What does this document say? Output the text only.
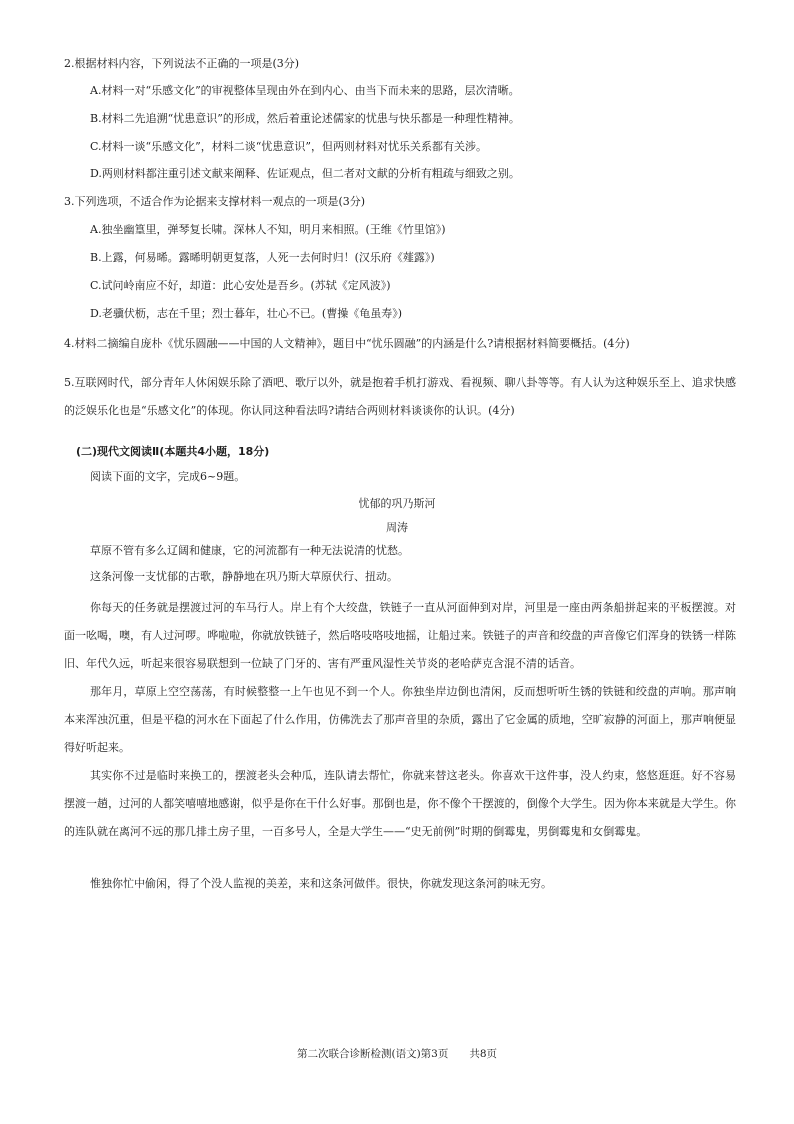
2.根据材料内容，下列说法不正确的一项是(3分)
A.材料一对“乐感文化”的审视整体呈现由外在到内心、由当下而未来的思路，层次清晰。
B.材料二先追溯“忧患意识”的形成，然后着重论述儒家的忧患与快乐都是一种理性精神。
C.材料一谈“乐感文化”，材料二谈“忧患意识”，但两则材料对忧乐关系都有关涉。
D.两则材料都注重引述文献来阐释、佐证观点，但二者对文献的分析有粗疏与细致之别。
3.下列选项，不适合作为论据来支撑材料一观点的一项是(3分)
A.独坐幽篁里，弹琴复长啸。深林人不知，明月来相照。(王维《竹里馆》)
B.上露，何易晞。露晞明朝更复落，人死一去何时归！(汉乐府《薤露》)
C.试问岭南应不好，却道：此心安处是吾乡。(苏轼《定风波》)
D.老骥伏枥，志在千里；烈士暮年，壮心不已。(曹操《龟虽寿》)
4.材料二摘编自庞朴《忧乐圆融——中国的人文精神》，题目中“忧乐圆融”的内涵是什么?请根据材料简要概括。(4分)
5.互联网时代，部分青年人休闲娱乐除了酒吧、歌厅以外，就是抱着手机打游戏、看视频、聊八卦等等。有人认为这种娱乐至上、追求快感的泛娱乐化也是“乐感文化”的体现。你认同这种看法吗?请结合两则材料谈谈你的认识。(4分)
(二)现代文阅读Ⅱ(本题共4小题，18分)
阅读下面的文字，完成6~9题。
忧郁的巩乃斯河
周涛
草原不管有多么辽阔和健康，它的河流都有一种无法说清的忧愁。
这条河像一支忧郁的古歌，静静地在巩乃斯大草原伏行、扭动。
你每天的任务就是摆渡过河的车马行人。岸上有个大绞盘，铁链子一直从河面伸到对岸，河里是一座由两条船拼起来的平板摆渡。对面一吆喝，噢，有人过河啰。哗啦啦，你就放铁链子，然后咯吱咯吱地摇，让船过来。铁链子的声音和绞盘的声音像它们浑身的铁锈一样陈旧、年代久远，听起来很容易联想到一位缺了门牙的、害有严重风湿性关节炎的老哈萨克含混不清的话音。
那年月，草原上空空荡荡，有时候整整一上午也见不到一个人。你独坐岸边倒也清闲，反而想听听生锈的铁链和绞盘的声响。那声响本来浑浊沉重，但是平稳的河水在下面起了什么作用，仿佛洗去了那声音里的杂质，露出了它金属的质地，空旷寂静的河面上，那声响便显得好听起来。
其实你不过是临时来换工的，摆渡老头会种瓜，连队请去帮忙，你就来替这老头。你喜欢干这件事，没人约束，悠悠逛逛。好不容易摆渡一趟，过河的人都笑嘻嘻地感谢，似乎是你在干什么好事。那倒也是，你不像个干摆渡的，倒像个大学生。因为你本来就是大学生。你的连队就在离河不远的那几排土房子里，一百多号人，全是大学生——“史无前例”时期的倒霉鬼，男倒霉鬼和女倒霉鬼。
惟独你忙中偷闲，得了个没人监视的美差，来和这条河做伴。很快，你就发现这条河韵味无穷。
第二次联合诊断检测(语文)第3页　　共8页
